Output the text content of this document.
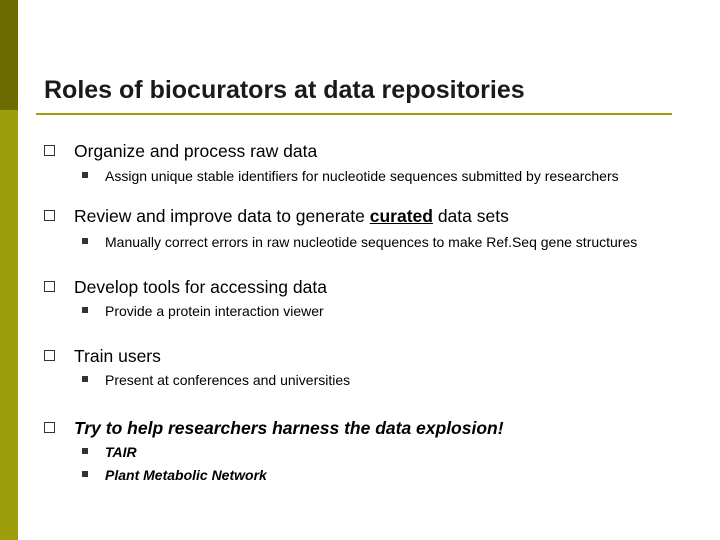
Roles of biocurators at data repositories
Organize and process raw data
Assign unique stable identifiers for nucleotide sequences submitted by researchers
Review and improve data to generate curated data sets
Manually correct errors in raw nucleotide sequences to make Ref.Seq gene structures
Develop tools for accessing data
Provide a protein interaction viewer
Train users
Present at conferences and universities
Try to help researchers harness the data explosion!
TAIR
Plant Metabolic Network
